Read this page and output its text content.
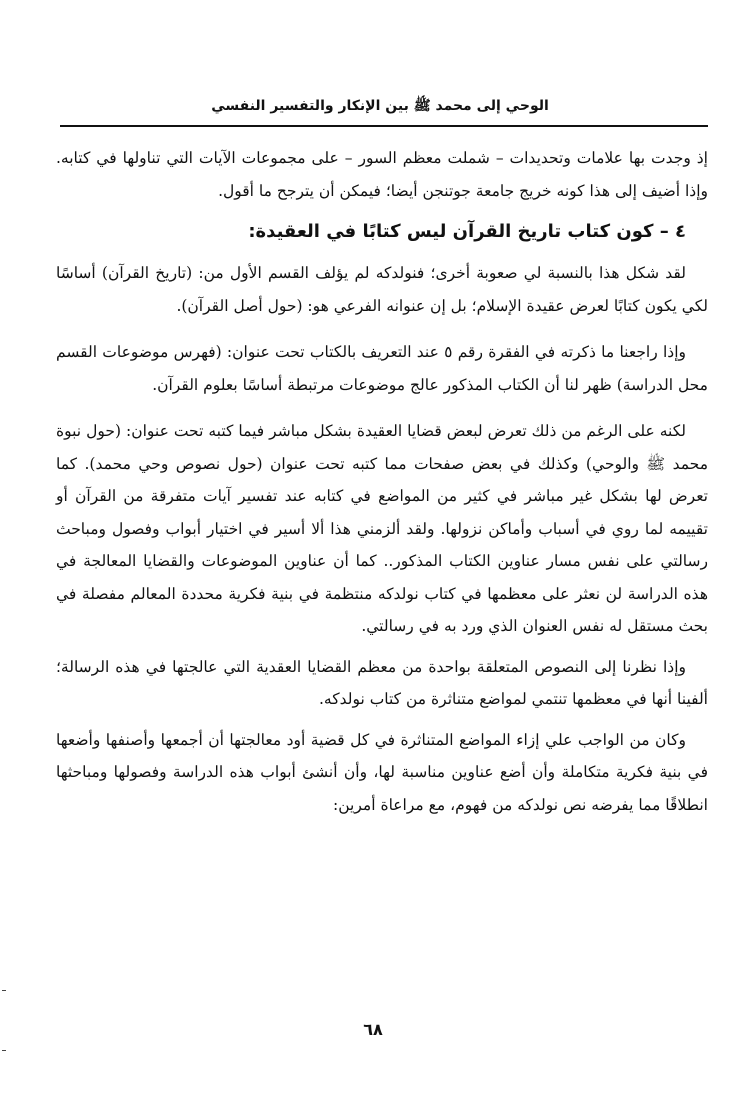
الوحي إلى محمد ﷺ بين الإنكار والتفسير النفسي

إذ وجدت بها علامات وتحديدات – شملت معظم السور – على مجموعات الآيات التي تناولها في كتابه. وإذا أضيف إلى هذا كونه خريج جامعة جوتنجن أيضا؛ فيمكن أن يترجح ما أقول.

٤ – كون كتاب تاريخ القرآن ليس كتابًا في العقيدة:

لقد شكل هذا بالنسبة لي صعوبة أخرى؛ فنولدكه لم يؤلف القسم الأول من: (تاريخ القرآن) أساسًا لكي يكون كتابًا لعرض عقيدة الإسلام؛ بل إن عنوانه الفرعي هو: (حول أصل القرآن).

وإذا راجعنا ما ذكرته في الفقرة رقم ٥ عند التعريف بالكتاب تحت عنوان: (فهرس موضوعات القسم محل الدراسة) ظهر لنا أن الكتاب المذكور عالج موضوعات مرتبطة أساسًا بعلوم القرآن.

لكنه على الرغم من ذلك تعرض لبعض قضايا العقيدة بشكل مباشر فيما كتبه تحت عنوان: (حول نبوة محمد ﷺ والوحي) وكذلك في بعض صفحات مما كتبه تحت عنوان (حول نصوص وحي محمد). كما تعرض لها بشكل غير مباشر في كثير من المواضع في كتابه عند تفسير آيات متفرقة من القرآن أو تقييمه لما روي في أسباب وأماكن نزولها. ولقد ألزمني هذا ألا أسير في اختيار أبواب وفصول ومباحث رسالتي على نفس مسار عناوين الكتاب المذكور.. كما أن عناوين الموضوعات والقضايا المعالجة في هذه الدراسة لن نعثر على معظمها في كتاب نولدكه منتظمة في بنية فكرية محددة المعالم مفصلة في بحث مستقل له نفس العنوان الذي ورد به في رسالتي.

وإذا نظرنا إلى النصوص المتعلقة بواحدة من معظم القضايا العقدية التي عالجتها في هذه الرسالة؛ ألفينا أنها في معظمها تنتمي لمواضع متناثرة من كتاب نولدكه.

وكان من الواجب علي إزاء المواضع المتناثرة في كل قضية أود معالجتها أن أجمعها وأصنفها وأضعها في بنية فكرية متكاملة وأن أضع عناوين مناسبة لها، وأن أنشئ أبواب هذه الدراسة وفصولها ومباحثها انطلاقًا مما يفرضه نص نولدكه من فهوم، مع مراعاة أمرين:

٦٨
